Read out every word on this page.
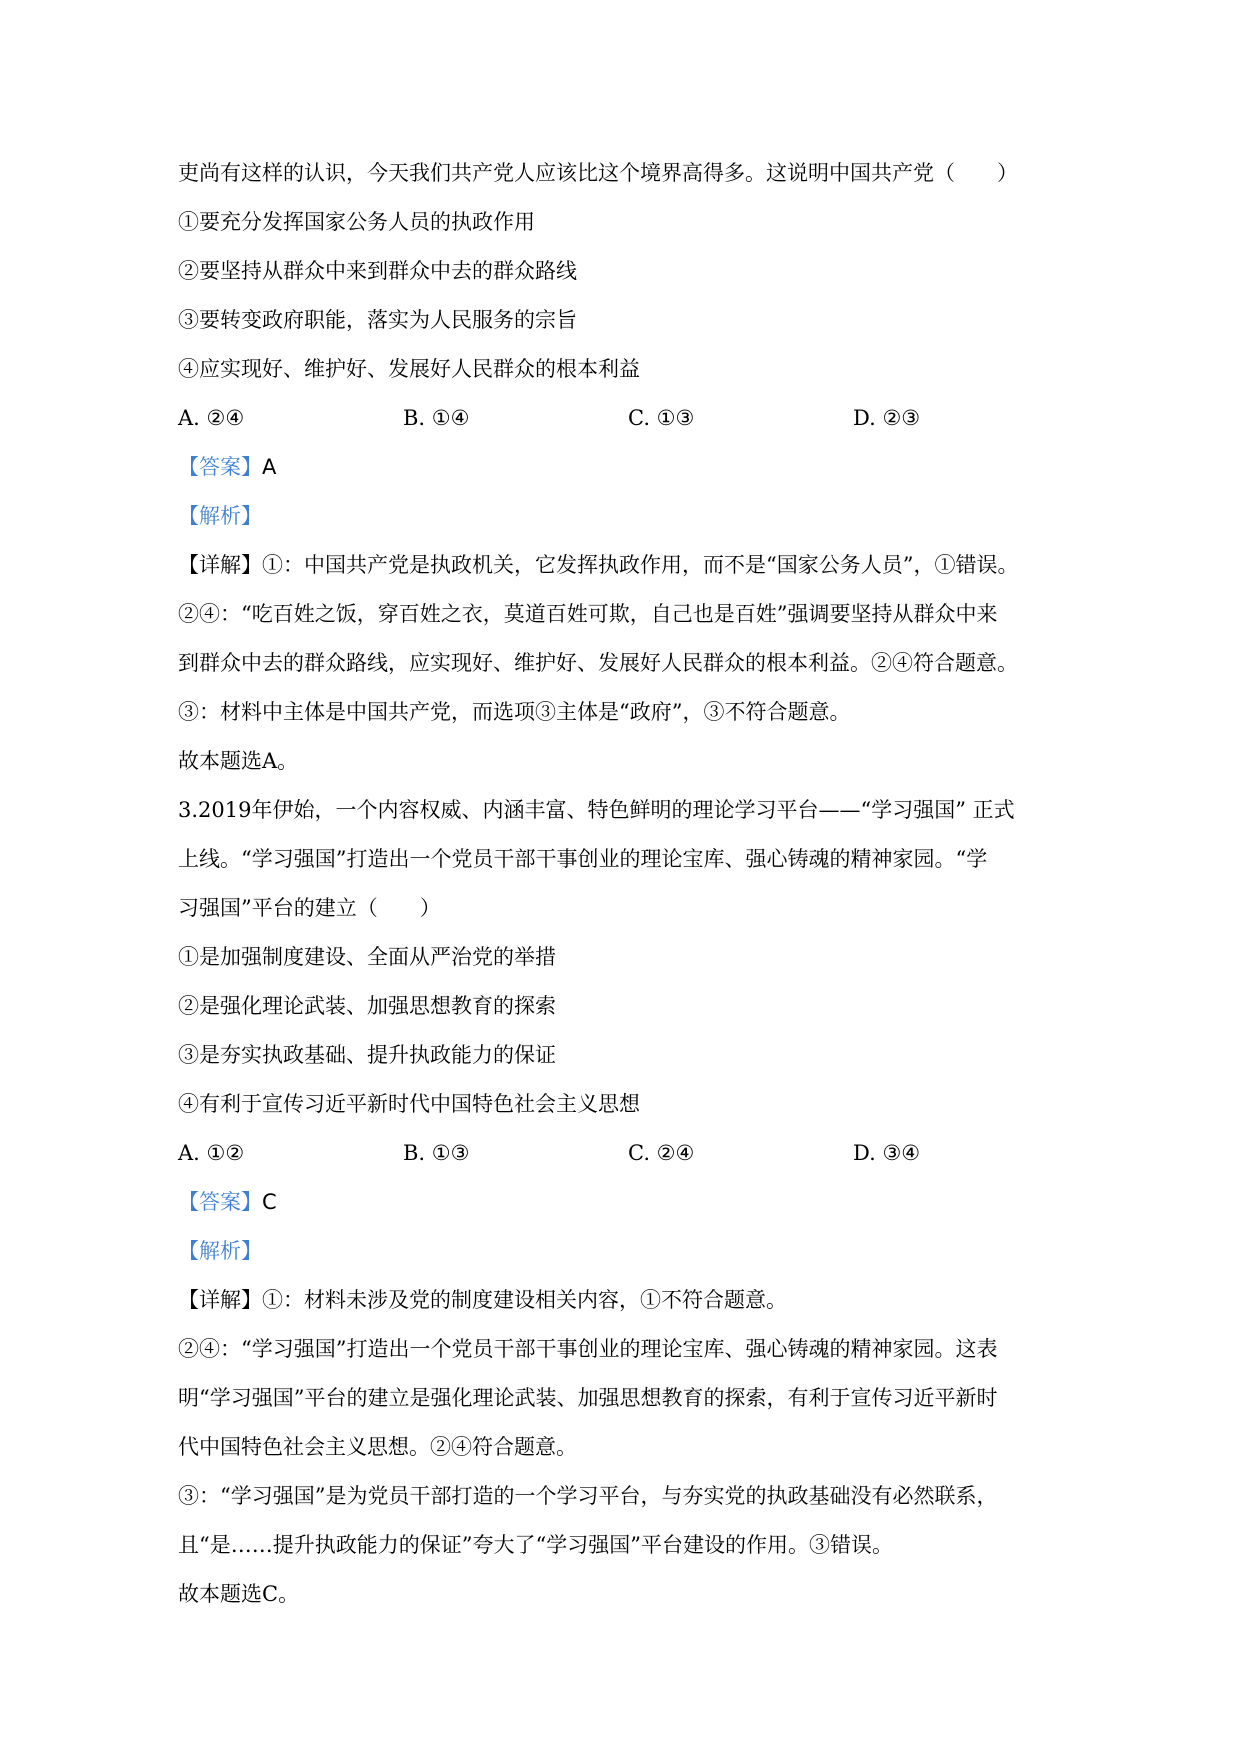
吏尚有这样的认识，今天我们共产党人应该比这个境界高得多。这说明中国共产党（　　）
①要充分发挥国家公务人员的执政作用
②要坚持从群众中来到群众中去的群众路线
③要转变政府职能，落实为人民服务的宗旨
④应实现好、维护好、发展好人民群众的根本利益
A. ②④	B. ①④	C. ①③	D. ②③
【答案】A
【解析】
【详解】①：中国共产党是执政机关，它发挥执政作用，而不是“国家公务人员”，①错误。
②④：“吃百姓之饭，穿百姓之衣，莫道百姓可欺，自己也是百姓”强调要坚持从群众中来
到群众中去的群众路线，应实现好、维护好、发展好人民群众的根本利益。②④符合题意。
③：材料中主体是中国共产党，而选项③主体是“政府”，③不符合题意。
故本题选A。
3.2019年伊始，一个内容权威、内涵丰富、特色鲜明的理论学习平台——“学习强国” 正式
上线。“学习强国”打造出一个党员干部干事创业的理论宝库、强心铸魂的精神家园。“学
习强国”平台的建立（　　）
①是加强制度建设、全面从严治党的举措
②是强化理论武装、加强思想教育的探索
③是夯实执政基础、提升执政能力的保证
④有利于宣传习近平新时代中国特色社会主义思想
A. ①②	B. ①③	C. ②④	D. ③④
【答案】C
【解析】
【详解】①：材料未涉及党的制度建设相关内容，①不符合题意。
②④：“学习强国”打造出一个党员干部干事创业的理论宝库、强心铸魂的精神家园。这表
明“学习强国”平台的建立是强化理论武装、加强思想教育的探索，有利于宣传习近平新时
代中国特色社会主义思想。②④符合题意。
③：“学习强国”是为党员干部打造的一个学习平台，与夯实党的执政基础没有必然联系，
且“是……提升执政能力的保证”夸大了“学习强国”平台建设的作用。③错误。
故本题选C。
